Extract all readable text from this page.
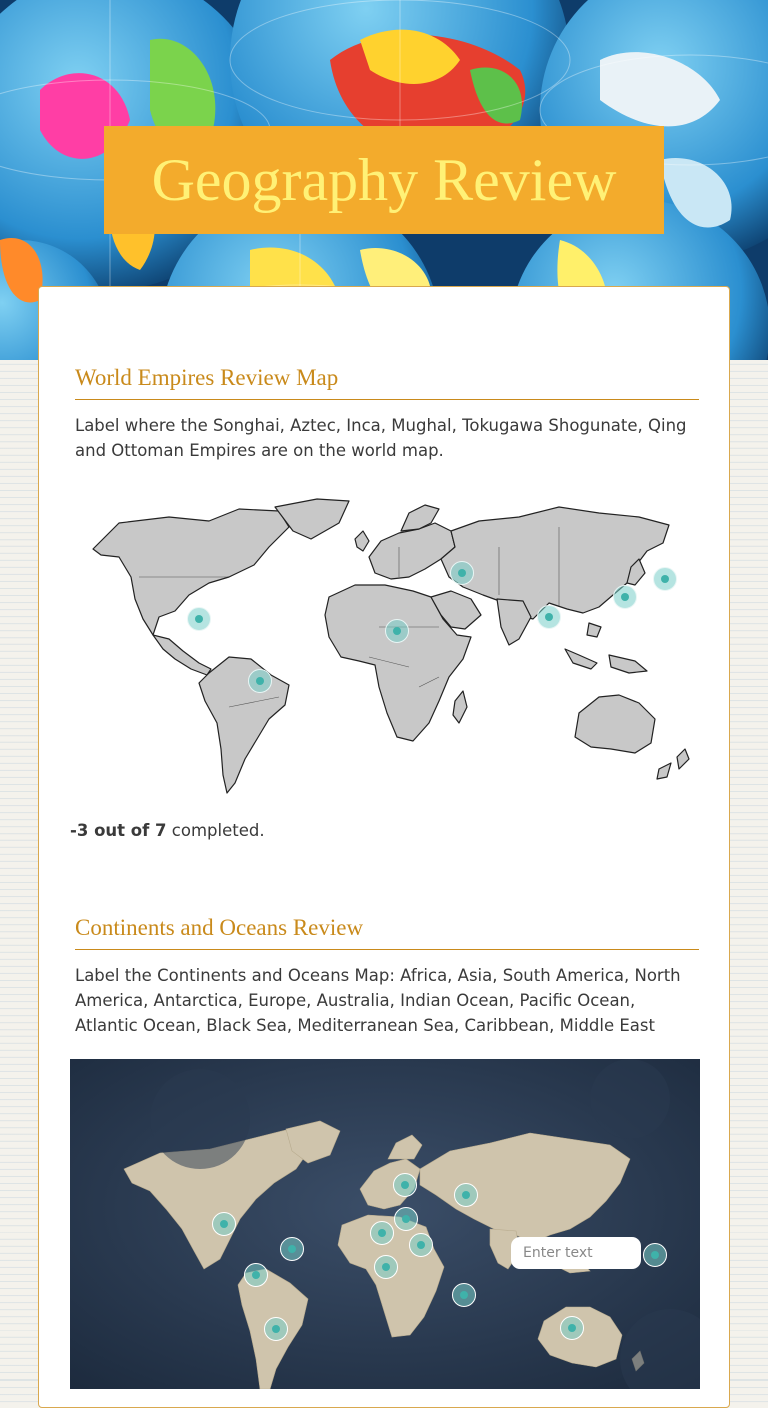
Geography Review
World Empires Review Map
Label where the Songhai, Aztec, Inca, Mughal, Tokugawa Shogunate, Qing and Ottoman Empires are on the world map.
-3 out of 7 completed.
Continents and Oceans Review
Label the Continents and Oceans Map: Africa, Asia, South America, North America, Antarctica, Europe, Australia, Indian Ocean, Pacific Ocean, Atlantic Ocean, Black Sea, Mediterranean Sea, Caribbean, Middle East

Enter text
